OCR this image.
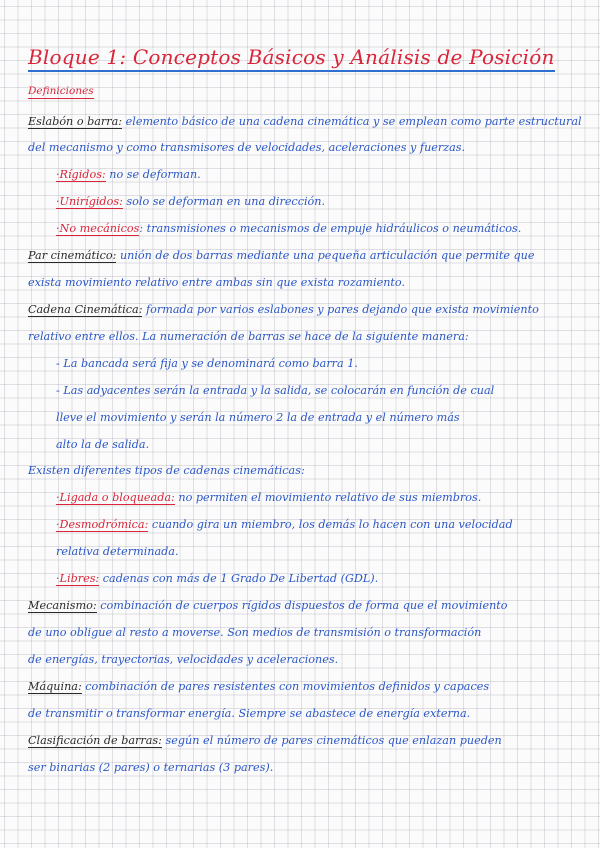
Bloque 1: Conceptos Básicos y Análisis de Posición
Definiciones
Eslabón o barra: elemento básico de una cadena cinemática y se emplean como parte estructural
del mecanismo y como transmisores de velocidades, aceleraciones y fuerzas.
·Rígidos: no se deforman.
·Unirígidos: solo se deforman en una dirección.
·No mecánicos: transmisiones o mecanismos de empuje hidráulicos o neumáticos.
Par cinemático: unión de dos barras mediante una pequeña articulación que permite que
exista movimiento relativo entre ambas sin que exista rozamiento.
Cadena Cinemática: formada por varios eslabones y pares dejando que exista movimiento
relativo entre ellos. La numeración de barras se hace de la siguiente manera:
- La bancada será fija y se denominará como barra 1.
- Las adyacentes serán la entrada y la salida, se colocarán en función de cual
lleve el movimiento y serán la número 2 la de entrada y el número más
alto la de salida.
Existen diferentes tipos de cadenas cinemáticas:
·Ligada o bloqueada: no permiten el movimiento relativo de sus miembros.
·Desmodrómica: cuando gira un miembro, los demás lo hacen con una velocidad
relativa determinada.
·Libres: cadenas con más de 1 Grado De Libertad (GDL).
Mecanismo: combinación de cuerpos rígidos dispuestos de forma que el movimiento
de uno obligue al resto a moverse. Son medios de transmisión o transformación
de energías, trayectorias, velocidades y aceleraciones.
Máquina: combinación de pares resistentes con movimientos definidos y capaces
de transmitir o transformar energía. Siempre se abastece de energía externa.
Clasificación de barras: según el número de pares cinemáticos que enlazan pueden
ser binarias (2 pares) o ternarias (3 pares).
